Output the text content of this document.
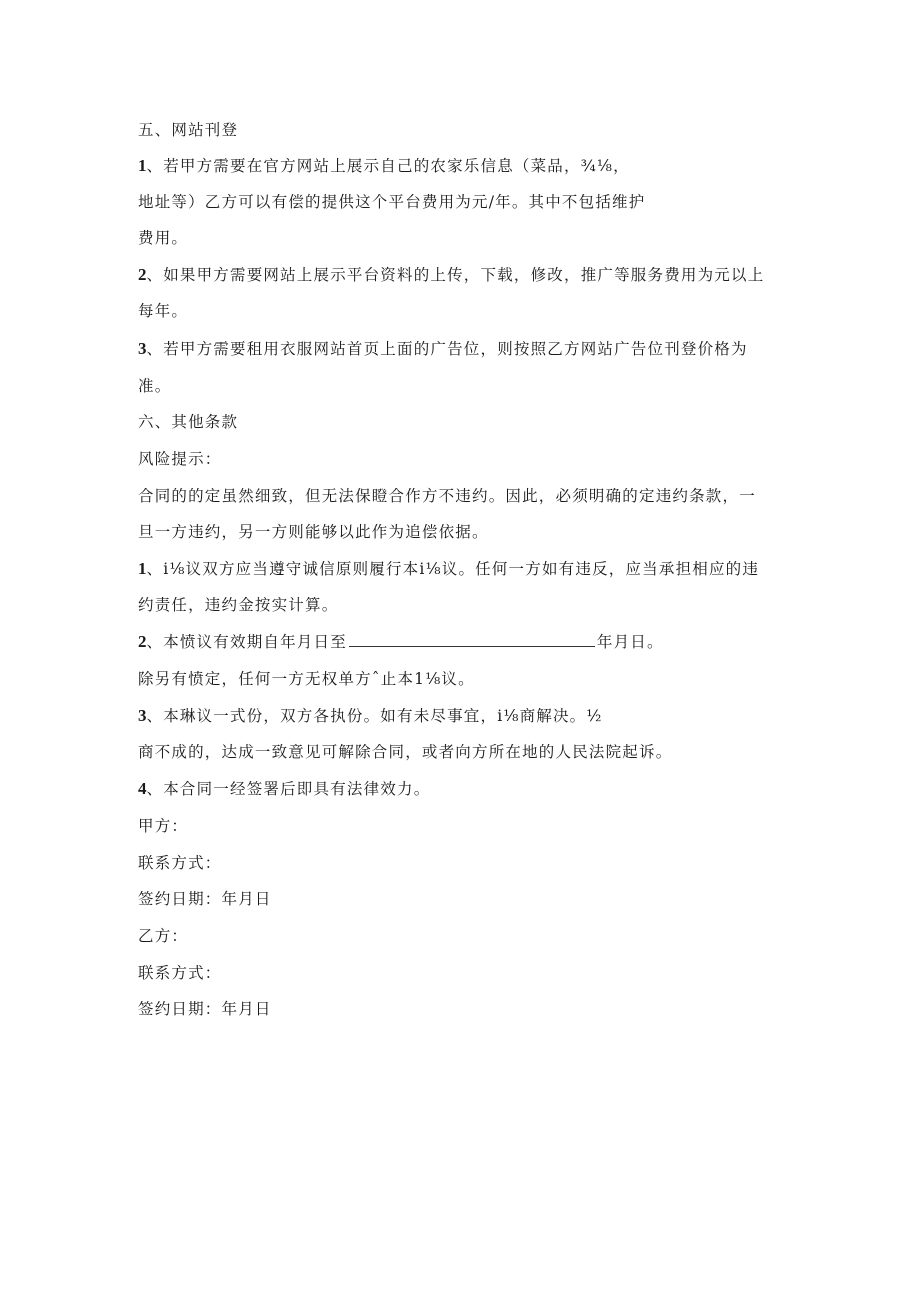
五、网站刊登
1、若甲方需要在官方网站上展示自己的农家乐信息（菜品，¾⅛，
地址等）乙方可以有偿的提供这个平台费用为元/年。其中不包括维护
费用。
2、如果甲方需要网站上展示平台资料的上传，下载，修改，推广等服务费用为元以上
每年。
3、若甲方需要租用衣服网站首页上面的广告位，则按照乙方网站广告位刊登价格为
准。
六、其他条款
风险提示：
合同的的定虽然细致，但无法保瞪合作方不违约。因此，必须明确的定违约条款，一
旦一方违约，另一方则能够以此作为追偿依据。
1、i⅛议双方应当遵守诚信原则履行本i⅛议。任何一方如有违反，应当承担相应的违
约责任，违约金按实计算。
2、本愤议有效期自年月日至	年月日。
除另有愤定，任何一方无权单方ˆ止本1⅛议。
3、本琳议一式份，双方各执份。如有未尽事宜，i⅛商解决。½
商不成的，达成一致意见可解除合同，或者向方所在地的人民法院起诉。
4、本合同一经签署后即具有法律效力。
甲方：
联系方式：
签约日期：年月日
乙方：
联系方式：
签约日期：年月日
